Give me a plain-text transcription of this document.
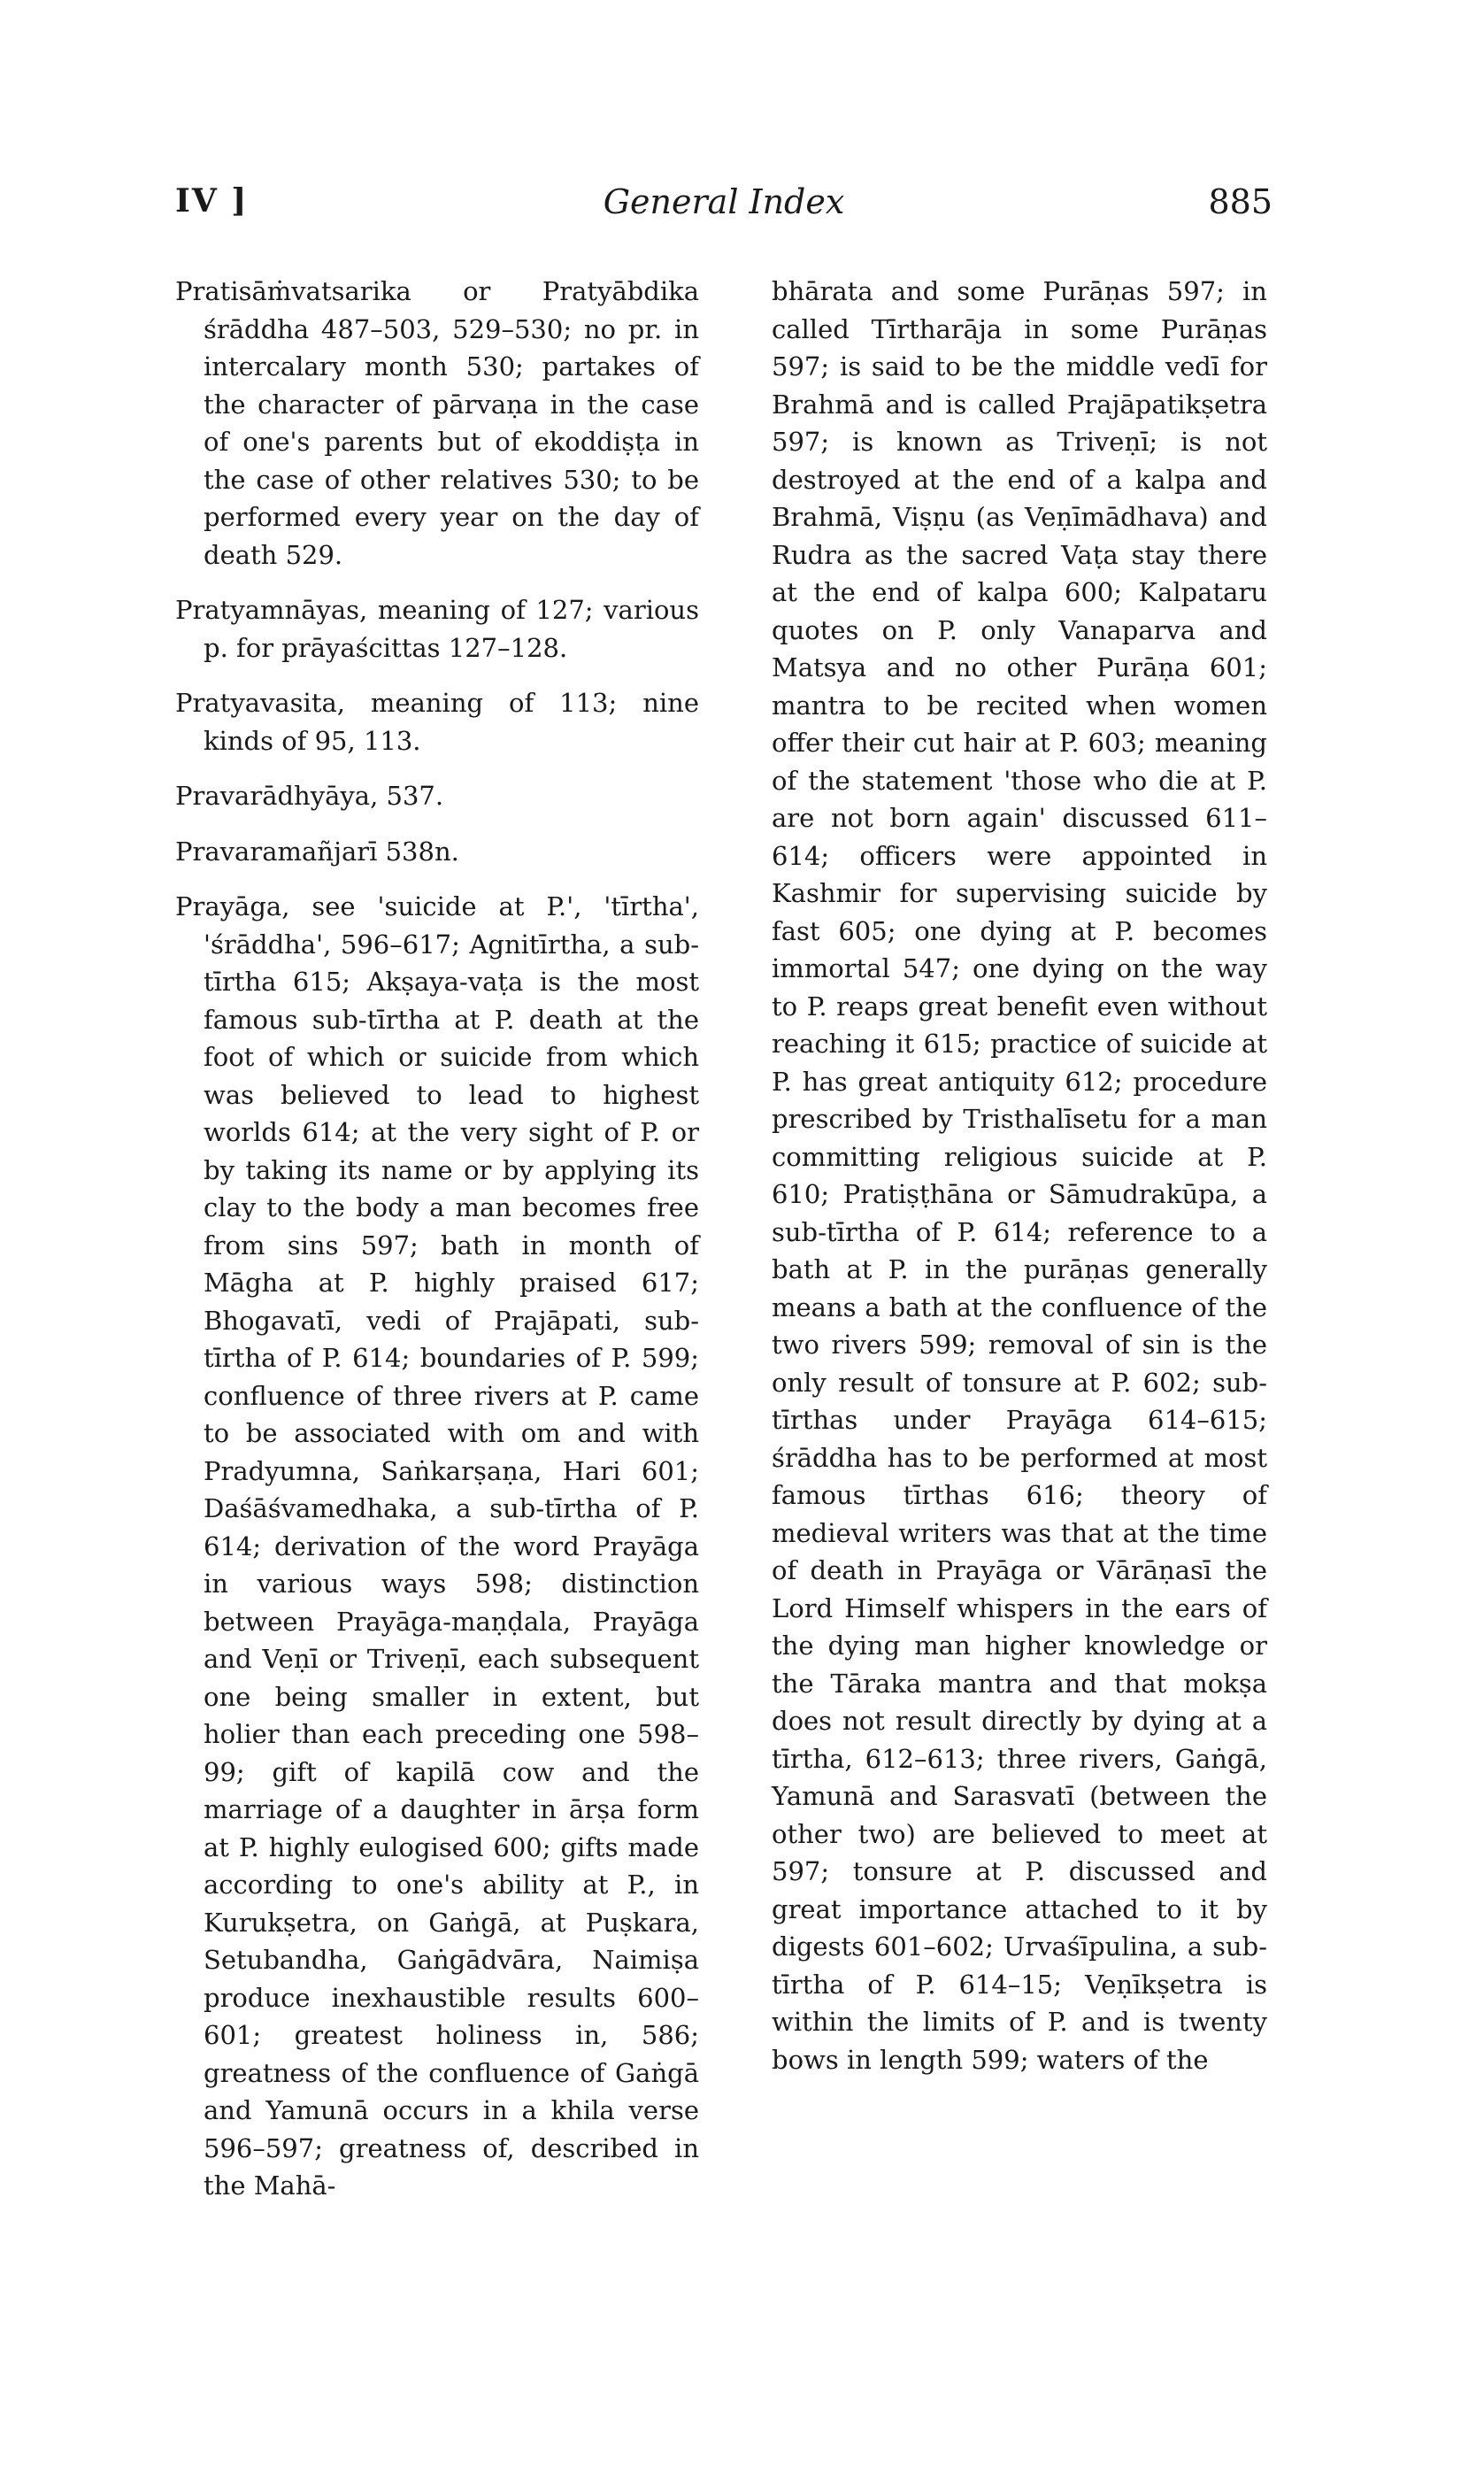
IV ]	General Index	885

Pratisāṁvatsarika or Pratyābdika śrāddha 487–503, 529–530; no pr. in intercalary month 530; partakes of the character of pārvaṇa in the case of one's parents but of ekoddiṣṭa in the case of other relatives 530; to be performed every year on the day of death 529.

Pratyamnāyas, meaning of 127; various p. for prāyaścittas 127–128.

Pratyavasita, meaning of 113; nine kinds of 95, 113.

Pravarādhyāya, 537.

Pravaramañjarī 538n.

Prayāga, see 'suicide at P.', 'tīrtha', 'śrāddha', 596–617; Agnitīrtha, a sub-tīrtha 615; Akṣaya-vaṭa is the most famous sub-tīrtha at P. death at the foot of which or suicide from which was believed to lead to highest worlds 614; at the very sight of P. or by taking its name or by applying its clay to the body a man becomes free from sins 597; bath in month of Māgha at P. highly praised 617; Bhogavatī, vedi of Prajāpati, sub-tīrtha of P. 614; boundaries of P. 599; confluence of three rivers at P. came to be associated with om and with Pradyumna, Saṅkarṣaṇa, Hari 601; Daśāśvamedhaka, a sub-tīrtha of P. 614; derivation of the word Prayāga in various ways 598; distinction between Prayāga-maṇḍala, Prayāga and Veṇī or Triveṇī, each subsequent one being smaller in extent, but holier than each preceding one 598–99; gift of kapilā cow and the marriage of a daughter in ārṣa form at P. highly eulogised 600; gifts made according to one's ability at P., in Kurukṣetra, on Gaṅgā, at Puṣkara, Setubandha, Gaṅgādvāra, Naimiṣa produce inexhaustible results 600–601; greatest holiness in, 586; greatness of the confluence of Gaṅgā and Yamunā occurs in a khila verse 596–597; greatness of, described in the Mahā-

bhārata and some Purāṇas 597; in called Tīrtharāja in some Purāṇas 597; is said to be the middle vedī for Brahmā and is called Prajāpatikṣetra 597; is known as Triveṇī; is not destroyed at the end of a kalpa and Brahmā, Viṣṇu (as Veṇīmādhava) and Rudra as the sacred Vaṭa stay there at the end of kalpa 600; Kalpataru quotes on P. only Vanaparva and Matsya and no other Purāṇa 601; mantra to be recited when women offer their cut hair at P. 603; meaning of the statement 'those who die at P. are not born again' discussed 611–614; officers were appointed in Kashmir for supervising suicide by fast 605; one dying at P. becomes immortal 547; one dying on the way to P. reaps great benefit even without reaching it 615; practice of suicide at P. has great antiquity 612; procedure prescribed by Tristhalīsetu for a man committing religious suicide at P. 610; Pratiṣṭhāna or Sāmudrakūpa, a sub-tīrtha of P. 614; reference to a bath at P. in the purāṇas generally means a bath at the confluence of the two rivers 599; removal of sin is the only result of tonsure at P. 602; sub-tīrthas under Prayāga 614–615; śrāddha has to be performed at most famous tīrthas 616; theory of medieval writers was that at the time of death in Prayāga or Vārāṇasī the Lord Himself whispers in the ears of the dying man higher knowledge or the Tāraka mantra and that mokṣa does not result directly by dying at a tīrtha, 612–613; three rivers, Gaṅgā, Yamunā and Sarasvatī (between the other two) are believed to meet at 597; tonsure at P. discussed and great importance attached to it by digests 601–602; Urvaśīpulina, a sub-tīrtha of P. 614–15; Veṇīkṣetra is within the limits of P. and is twenty bows in length 599; waters of the
